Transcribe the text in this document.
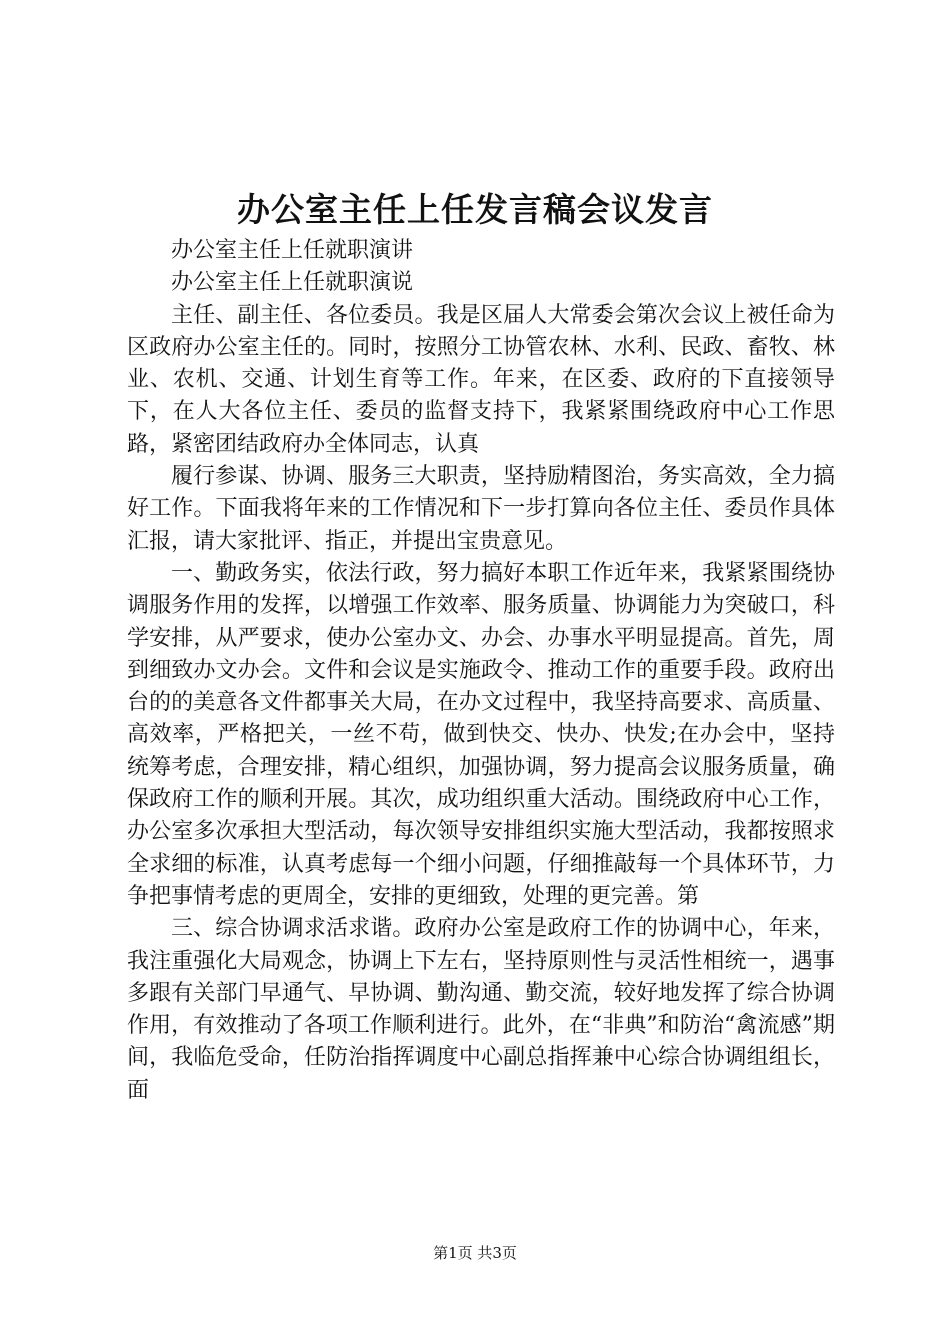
办公室主任上任发言稿会议发言

办公室主任上任就职演讲

办公室主任上任就职演说

主任、副主任、各位委员。我是区届人大常委会第次会议上被任命为区政府办公室主任的。同时，按照分工协管农林、水利、民政、畜牧、林业、农机、交通、计划生育等工作。年来，在区委、政府的下直接领导下，在人大各位主任、委员的监督支持下，我紧紧围绕政府中心工作思路，紧密团结政府办全体同志，认真

履行参谋、协调、服务三大职责，坚持励精图治，务实高效，全力搞好工作。下面我将年来的工作情况和下一步打算向各位主任、委员作具体汇报，请大家批评、指正，并提出宝贵意见。

一、勤政务实，依法行政，努力搞好本职工作近年来，我紧紧围绕协调服务作用的发挥，以增强工作效率、服务质量、协调能力为突破口，科学安排，从严要求，使办公室办文、办会、办事水平明显提高。首先，周到细致办文办会。文件和会议是实施政令、推动工作的重要手段。政府出台的的美意各文件都事关大局，在办文过程中，我坚持高要求、高质量、高效率，严格把关，一丝不苟，做到快交、快办、快发;在办会中，坚持统筹考虑，合理安排，精心组织，加强协调，努力提高会议服务质量，确保政府工作的顺利开展。其次，成功组织重大活动。围绕政府中心工作，办公室多次承担大型活动，每次领导安排组织实施大型活动，我都按照求全求细的标准，认真考虑每一个细小问题，仔细推敲每一个具体环节，力争把事情考虑的更周全，安排的更细致，处理的更完善。第

三、综合协调求活求谐。政府办公室是政府工作的协调中心，年来，我注重强化大局观念，协调上下左右，坚持原则性与灵活性相统一，遇事多跟有关部门早通气、早协调、勤沟通、勤交流，较好地发挥了综合协调作用，有效推动了各项工作顺利进行。此外，在“非典”和防治“禽流感”期间，我临危受命，任防治指挥调度中心副总指挥兼中心综合协调组组长，面

第1页 共3页
